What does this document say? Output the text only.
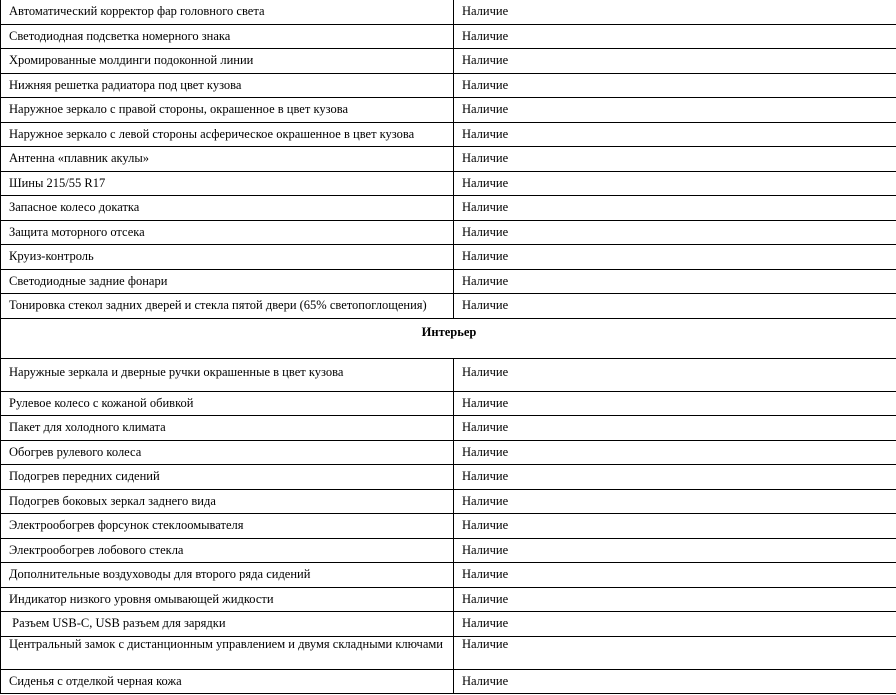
Автоматический корректор фар головного света	Наличие
Светодиодная подсветка номерного знака	Наличие
Хромированные молдинги подоконной линии	Наличие
Нижняя решетка радиатора под цвет кузова	Наличие
Наружное зеркало с правой стороны, окрашенное в цвет кузова	Наличие
Наружное зеркало с левой стороны асферическое окрашенное в цвет кузова	Наличие
Антенна «плавник акулы»	Наличие
Шины 215/55 R17	Наличие
Запасное колесо докатка	Наличие
Защита моторного отсека	Наличие
Круиз-контроль	Наличие
Светодиодные задние фонари	Наличие
Тонировка стекол задних дверей и стекла пятой двери (65% светопоглощения)	Наличие
Интерьер	
Наружные зеркала и дверные ручки окрашенные в цвет кузова	Наличие
Рулевое колесо с кожаной обивкой	Наличие
Пакет для холодного климата	Наличие
Обогрев рулевого колеса	Наличие
Подогрев передних сидений	Наличие
Подогрев боковых зеркал заднего вида	Наличие
Электрообогрев форсунок стеклоомывателя	Наличие
Электрообогрев лобового стекла	Наличие
Дополнительные воздуховоды для второго ряда сидений	Наличие
Индикатор низкого уровня омывающей жидкости	Наличие
Разъем USB-C, USB разъем для зарядки	Наличие
Центральный замок с дистанционным управлением и двумя складными ключами	Наличие
Сиденья с отделкой черная кожа	Наличие
